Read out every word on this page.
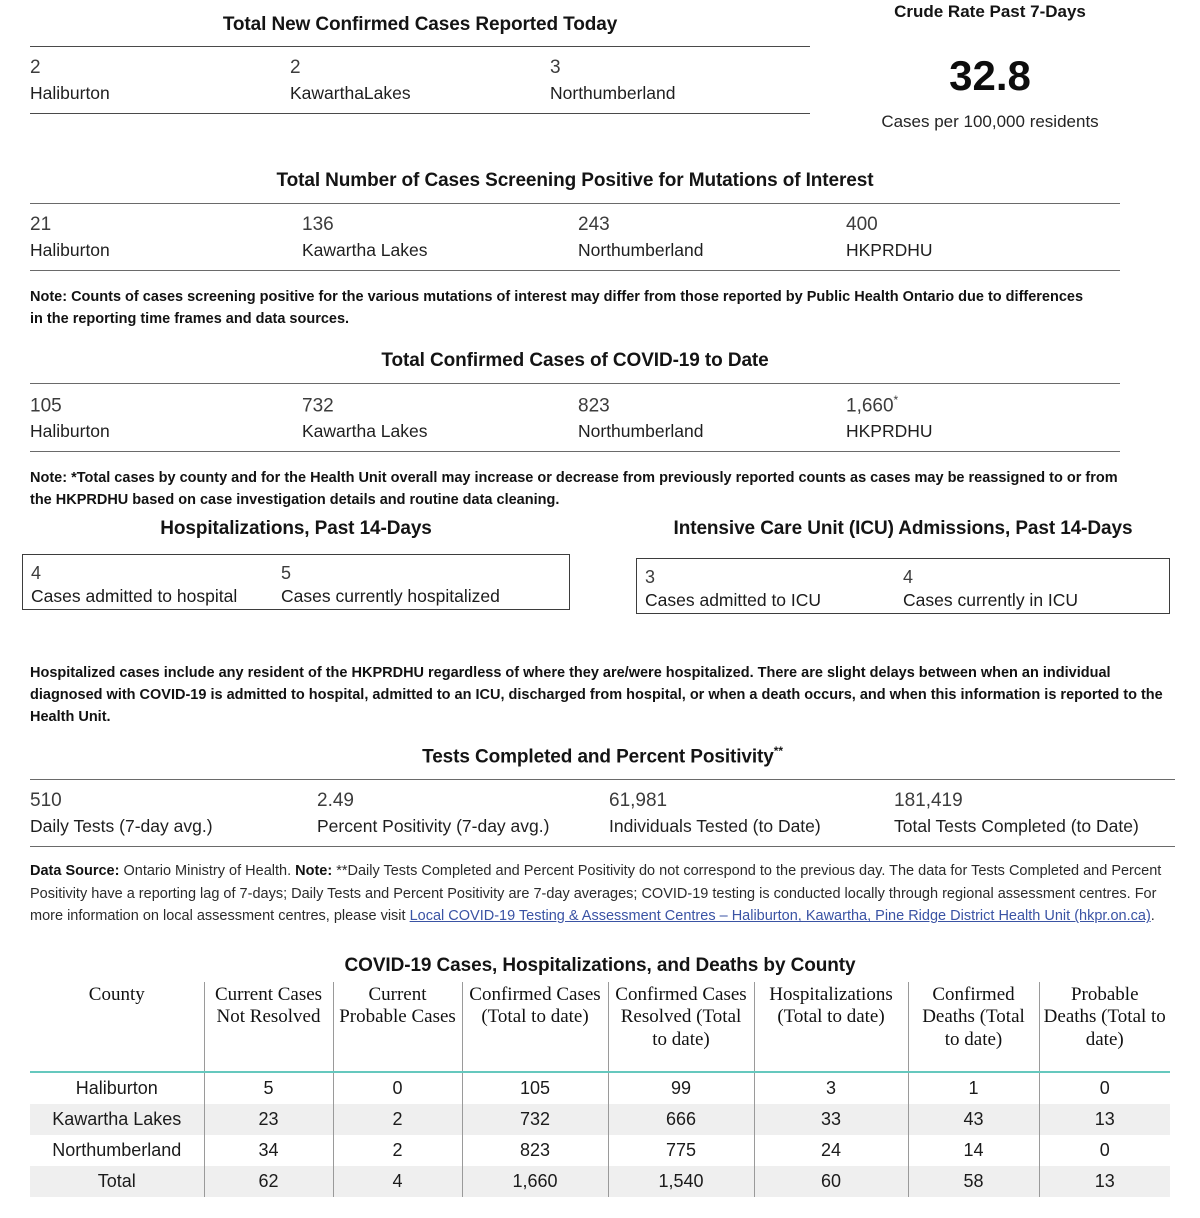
Total New Confirmed Cases Reported Today
2
Haliburton
2
KawarthaLakes
3
Northumberland
Crude Rate Past 7-Days
32.8
Cases per 100,000 residents
Total Number of Cases Screening Positive for Mutations of Interest
21
Haliburton
136
Kawartha Lakes
243
Northumberland
400
HKPRDHU
Note: Counts of cases screening positive for the various mutations of interest may differ from those reported by Public Health Ontario due to differences in the reporting time frames and data sources.
Total Confirmed Cases of COVID-19 to Date
105
Haliburton
732
Kawartha Lakes
823
Northumberland
1,660*
HKPRDHU
Note: *Total cases by county and for the Health Unit overall may increase or decrease from previously reported counts as cases may be reassigned to or from the HKPRDHU based on case investigation details and routine data cleaning.
Hospitalizations, Past 14-Days
4
Cases admitted to hospital
5
Cases currently hospitalized
Intensive Care Unit (ICU) Admissions, Past 14-Days
3
Cases admitted to ICU
4
Cases currently in ICU
Hospitalized cases include any resident of the HKPRDHU regardless of where they are/were hospitalized. There are slight delays between when an individual diagnosed with COVID-19 is admitted to hospital, admitted to an ICU, discharged from hospital, or when a death occurs, and when this information is reported to the Health Unit.
Tests Completed and Percent Positivity**
510
Daily Tests (7-day avg.)
2.49
Percent Positivity (7-day avg.)
61,981
Individuals Tested (to Date)
181,419
Total Tests Completed (to Date)
Data Source: Ontario Ministry of Health. Note: **Daily Tests Completed and Percent Positivity do not correspond to the previous day. The data for Tests Completed and Percent Positivity have a reporting lag of 7-days; Daily Tests and Percent Positivity are 7-day averages; COVID-19 testing is conducted locally through regional assessment centres. For more information on local assessment centres, please visit Local COVID-19 Testing & Assessment Centres – Haliburton, Kawartha, Pine Ridge District Health Unit (hkpr.on.ca).
COVID-19 Cases, Hospitalizations, and Deaths by County
County	Current Cases Not Resolved	Current Probable Cases	Confirmed Cases (Total to date)	Confirmed Cases Resolved (Total to date)	Hospitalizations (Total to date)	Confirmed Deaths (Total to date)	Probable Deaths (Total to date)
Haliburton	5	0	105	99	3	1	0
Kawartha Lakes	23	2	732	666	33	43	13
Northumberland	34	2	823	775	24	14	0
Total	62	4	1,660	1,540	60	58	13
